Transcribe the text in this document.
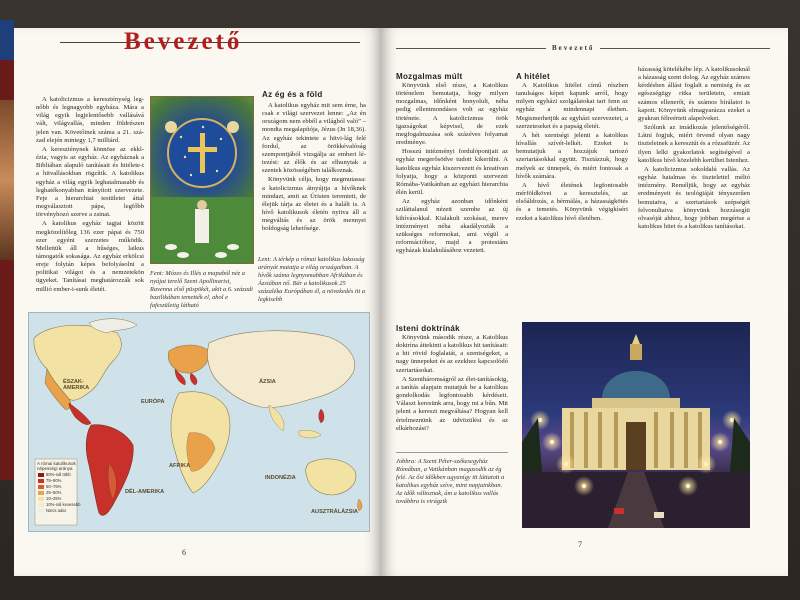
Bevezető

A katolicizmus a kereszténység leg-nőbb és legnagyobb egyháza. Mára a világ egyik legjelentősebb vallásává vált, világvallás, minden földrészen jelen van. Követőinek száma a 21. szá-zad elején mintegy 1,7 milliárd.

A kereszténynek könnöse az ekkl-ézia, vagyis az egyház. Az egyháznak a Bibliában alapuló tanításait és hitélete-t a hitvallásokban rögzítik. A katolikus egyház a világ egyik leghatalmasabb és leghatékonyabban irányított szervezete. Feje a hierarchiai testületet áttal megválasztott pápa, legfőbb törvényhozó szerve a zsinat.

A katolikus egyház tagjai között megközelítőleg 136 ezer pápai és 750 ezer egyéni szerzetes működik. Mellettük áll a hűséges, laikus támogatók sokasága. Az egyház erkölcsi ereje folytán képes befolyásolni a politikai világot és a nemzetekön ügyeket. Tanításai meghatározzák sok millió ember-i-sunk életét.

Fent: Mózes és Illés a mapaból néz a nyájat terelő Szent Apollinarist, Ravenna első püspökét, akit a 6. századi bazilikában temették el, ahol e fafeszületig látható
Az ég és a föld

A katolikus egyház mit sem érne, ha csak e világi szervezet lenne: „Az én országom nem ebből a világból való” – mondta megalapítója, Jézus (Jn 18,36). Az egyház tekintete a hitvi-lág felé fordul, az örökkévalóság szempontjából vizsgálja az emberi lé-tezést: az élők és az elhunytak a szentek közösségében találkoznak.

Könyvünk célja, hogy megmutassa: a katolicizmus átnyújtja a hívőknek mindazt, amit az Úristen teremtett, de élejük tárja az életet és a halált is. A hívő katolikusok életén nyitva áll a megváltás és az örök mennyei boldogság lehetősége.

Lent: A térkép a római katolikus lakosság arányát mutatja a világ országaiban. A hívők száma legnyomabban Afrikában és Ázsiában nő. Bár a katolikusok 25 százaléka Európában él, a növekedés itt a legkisebb
ÉSZAK-AMERIKA
EURÓPA
ÁZSIA
AFRIKA
DÉL-AMERIKA
INDONÉZIA
AUSZTRÁLÁZSIA
A római katolikusok népességi aránya
90%-nál több
75–90%
50–75%
25–50%
10–25%
10%-nál kevesebb
Nincs adat
6
Bevezető
Mozgalmas múlt

Könyvünk első része, a Katolikus történelem bemutatja, hogy milyen mozgalmas, időnként bonyolult, néha pedig ellentmondásos volt az egyház története. A katolicizmus örök igazságokat képvisel, de ezek megfogalmazása sok százéves folyamat eredménye.

Hosszú intézményi fordulópontjait az egyház megerősödve tudott kikerülni. A katolikus egyház kiszervezett és kreatívan folyatja, hogy a központi szervezet Rómába-Vatikánban az egyházi hierarchia élén kerül.

Az egyház azonban időnként sziláttalanul nézett szembe az új kihívásokkal. Kialakult szokásai, merev intézményei néha akadályozták a szükséges reformokat, ami végül a reformációhoz, majd a protestáns egyházak kialakulásához vezetett.

Isteni doktrínák

Könyvünk második része, a Katolikus doktrína áttekinti a katolikus hit tanításait: a hit rövid foglalatát, a szentségeket, a nagy ünnepeket és az ezekhez kapcsolódó szertartásokat.

A Szentháromságról az élet-tanításokig, a tanítás alapjain mutatjuk be a katolikus gondolkodás legfontosabb kérdéseit. Választ keresünk arra, hogy mi a bűn. Mit jelent a kereszt megváltása? Hogyan kell értelmeznünk az üdvözülést és az elkárhozást?

Jobbra: A Szent Péter-székesegyház Rómában, a Vatikánban magasodik az ég felé. Az ősi időkben ugyanígy itt láttatott a katolikus egyház szíve, mint napjainkban. Az idők változnak, ám a katolikus vallás továbbra is virágzik
A hitélet

A Katolikus hitélet című részben tanulságos képet kapunk arról, hogy milyen egyházi szolgálatokat tart fenn az egyház a mindennapi életben. Megismerhetjük az egyházi szervezetet, a szerzeteseket és a papság életét.

A hét szentségi jelenti a katolikus hívallás szívét-lelkét. Ezeket is bemutatjuk a hozzájuk tartozó szertartásokkal együtt. Tisztázzuk, hogy melyek az ünnepek, és miért fontosak a hívők számára.

A hívő életének legfontosabb mérföldkövei a keresztelés, az elsőáldozás, a bérmálás, a házasságkötés és a temetés. Könyvünk végigkíséri ezeket a katolikus hívő életében.

házasság kötelékébe lép. A katolikusoknál a házasság szent dolog. Az egyház számos kérdésben állást foglalt a nemiség és az egészségügy ritka területein, emiatt számos ellenerőt, és számos bírálatot is kapott. Könyvünk elmagyarázza ezeket a gyakran félreértett alapelveket.

Szólunk az imádkozás jelentőségéről. Látni fogjuk, miért örvend olyan nagy tiszteletnek a keresztút és a rózsafüzér. Az ilyen lelki gyakorlatok segítségével a katolikus hívő közelebb kerülhet Istenhez.

A katolicizmus sokoldalú vallás. Az egyház hatalmas és tisztelettel méltó intézmény. Reméljük, hogy az egyház eredményeit és teológiáját tényszerűen bemutatva, a szertartások szépségét felvonultatva könyvünk hozzásegíti olvasóját ahhoz, hogy jobban megértse a katolikus hitet és a katolikus tanításokat.

7
